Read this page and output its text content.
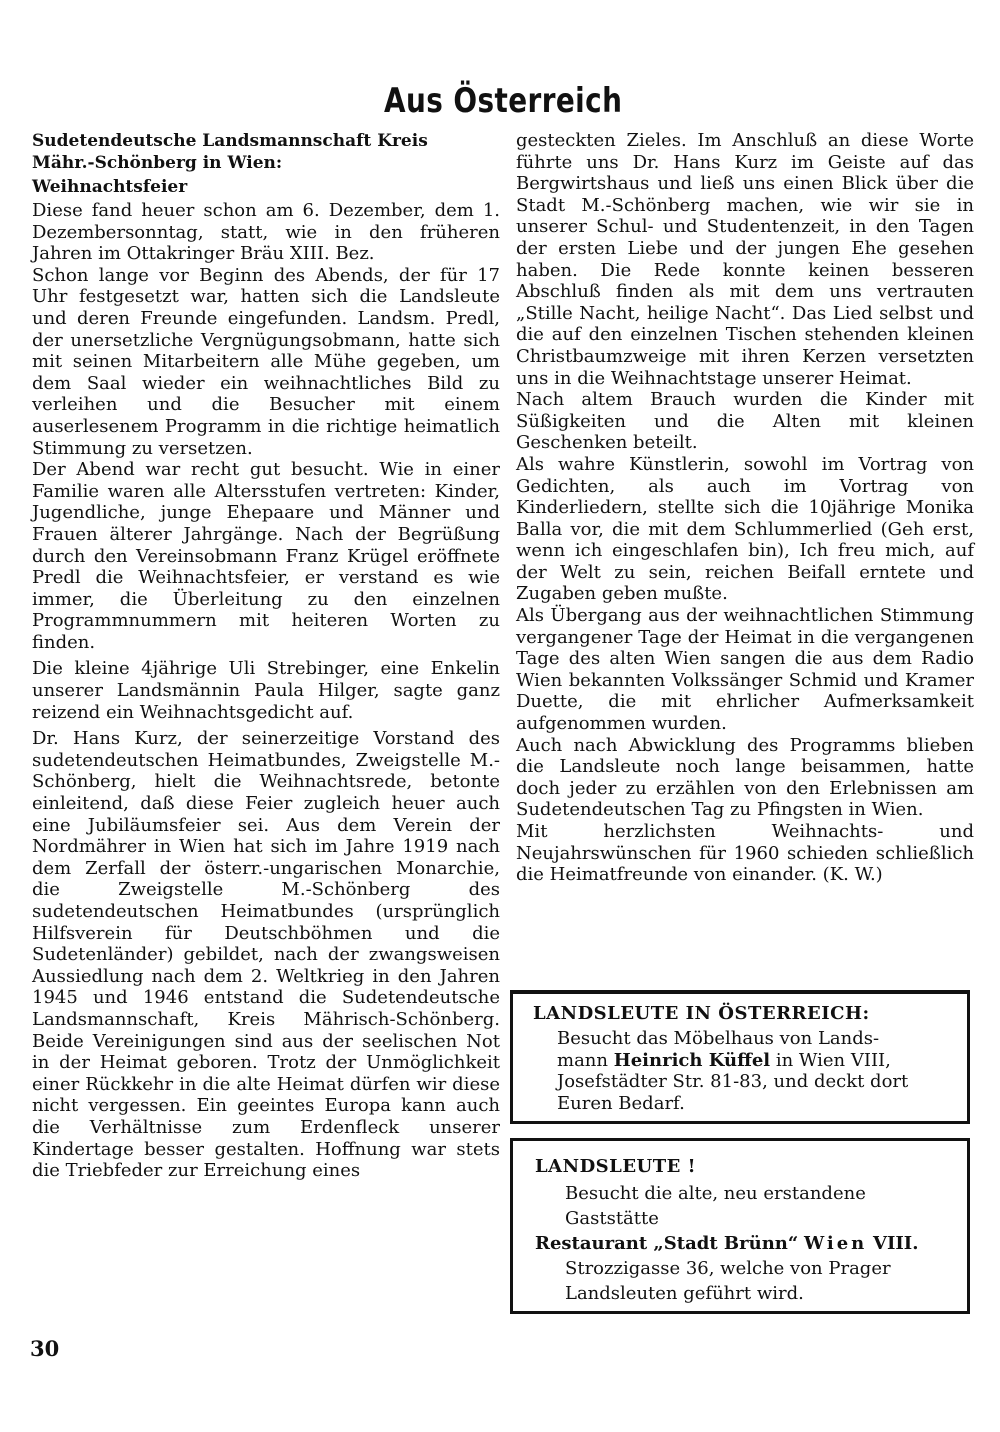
Aus Österreich

Sudetendeutsche Landsmannschaft Kreis
Mähr.-Schönberg in Wien:

Weihnachtsfeier

Diese fand heuer schon am 6. Dezember, dem 1. Dezembersonntag, statt, wie in den früheren Jahren im Ottakringer Bräu XIII. Bez.

Schon lange vor Beginn des Abends, der für 17 Uhr festgesetzt war, hatten sich die Landsleute und deren Freunde eingefunden. Landsm. Predl, der unersetzliche Vergnügungsobmann, hatte sich mit seinen Mitarbeitern alle Mühe gegeben, um dem Saal wieder ein weihnachtliches Bild zu verleihen und die Besucher mit einem auserlesenem Programm in die richtige heimatlich Stimmung zu versetzen.

Der Abend war recht gut besucht. Wie in einer Familie waren alle Altersstufen vertreten: Kinder, Jugendliche, junge Ehepaare und Männer und Frauen älterer Jahrgänge. Nach der Begrüßung durch den Vereinsobmann Franz Krügel eröffnete Predl die Weihnachtsfeier, er verstand es wie immer, die Überleitung zu den einzelnen Programmnummern mit heiteren Worten zu finden.

Die kleine 4jährige Uli Strebinger, eine Enkelin unserer Landsmännin Paula Hilger, sagte ganz reizend ein Weihnachtsgedicht auf.

Dr. Hans Kurz, der seinerzeitige Vorstand des sudetendeutschen Heimatbundes, Zweigstelle M.-Schönberg, hielt die Weihnachtsrede, betonte einleitend, daß diese Feier zugleich heuer auch eine Jubiläumsfeier sei. Aus dem Verein der Nordmährer in Wien hat sich im Jahre 1919 nach dem Zerfall der österr.-ungarischen Monarchie, die Zweigstelle M.-Schönberg des sudetendeutschen Heimatbundes (ursprünglich Hilfsverein für Deutschböhmen und die Sudetenländer) gebildet, nach der zwangsweisen Aussiedlung nach dem 2. Weltkrieg in den Jahren 1945 und 1946 entstand die Sudetendeutsche Landsmannschaft, Kreis Mährisch-Schönberg. Beide Vereinigungen sind aus der seelischen Not in der Heimat geboren. Trotz der Unmöglichkeit einer Rückkehr in die alte Heimat dürfen wir diese nicht vergessen. Ein geeintes Europa kann auch die Verhältnisse zum Erdenfleck unserer Kindertage besser gestalten. Hoffnung war stets die Triebfeder zur Erreichung eines

gesteckten Zieles. Im Anschluß an diese Worte führte uns Dr. Hans Kurz im Geiste auf das Bergwirtshaus und ließ uns einen Blick über die Stadt M.-Schönberg machen, wie wir sie in unserer Schul- und Studentenzeit, in den Tagen der ersten Liebe und der jungen Ehe gesehen haben. Die Rede konnte keinen besseren Abschluß finden als mit dem uns vertrauten „Stille Nacht, heilige Nacht“. Das Lied selbst und die auf den einzelnen Tischen stehenden kleinen Christbaumzweige mit ihren Kerzen versetzten uns in die Weihnachtstage unserer Heimat.

Nach altem Brauch wurden die Kinder mit Süßigkeiten und die Alten mit kleinen Geschenken beteilt.

Als wahre Künstlerin, sowohl im Vortrag von Gedichten, als auch im Vortrag von Kinderliedern, stellte sich die 10jährige Monika Balla vor, die mit dem Schlummerlied (Geh erst, wenn ich eingeschlafen bin), Ich freu mich, auf der Welt zu sein, reichen Beifall erntete und Zugaben geben mußte.

Als Übergang aus der weihnachtlichen Stimmung vergangener Tage der Heimat in die vergangenen Tage des alten Wien sangen die aus dem Radio Wien bekannten Volkssänger Schmid und Kramer Duette, die mit ehrlicher Aufmerksamkeit aufgenommen wurden.

Auch nach Abwicklung des Programms blieben die Landsleute noch lange beisammen, hatte doch jeder zu erzählen von den Erlebnissen am Sudetendeutschen Tag zu Pfingsten in Wien.

Mit herzlichsten Weihnachts- und Neujahrswünschen für 1960 schieden schließlich die Heimatfreunde von einander. (K. W.)

LANDSLEUTE IN ÖSTERREICH:

Besucht das Möbelhaus von Lands-

mann Heinrich Küffel in Wien VIII,

Josefstädter Str. 81-83, und deckt dort

Euren Bedarf.

LANDSLEUTE !

Besucht die alte, neu erstandene

Gaststätte

Restaurant „Stadt Brünn“ Wien VIII.

Strozzigasse 36, welche von Prager

Landsleuten geführt wird.

30
